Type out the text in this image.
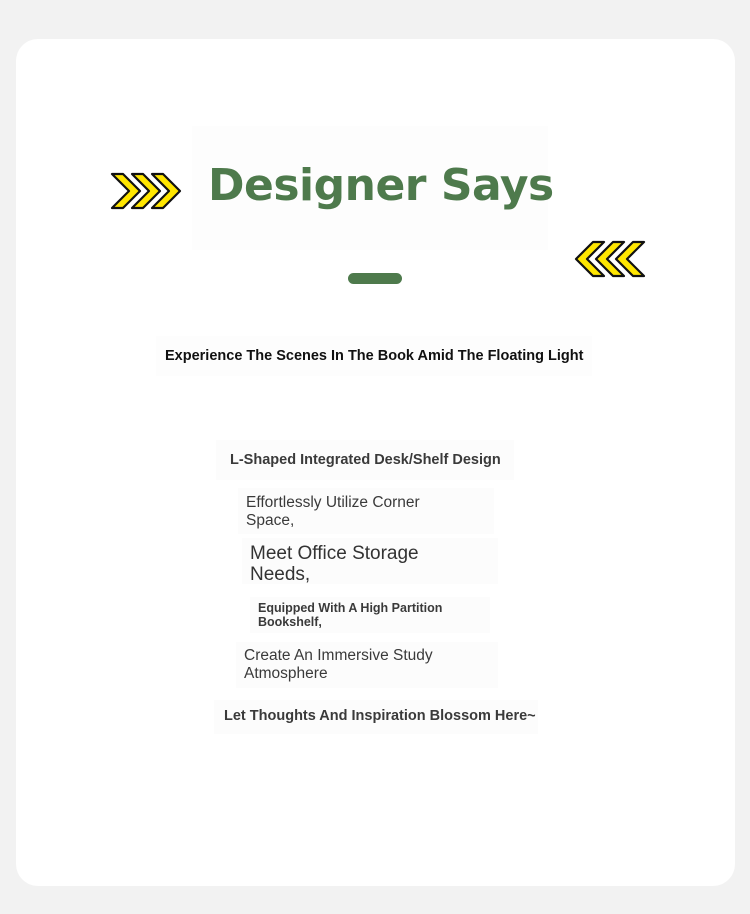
Designer Says
Experience The Scenes In The Book Amid The Floating Light
L-Shaped Integrated Desk/Shelf Design
Effortlessly Utilize Corner
Space,
Meet Office Storage
Needs,
Equipped With A High Partition
Bookshelf,
Create An Immersive Study
Atmosphere
Let Thoughts And Inspiration Blossom Here~
